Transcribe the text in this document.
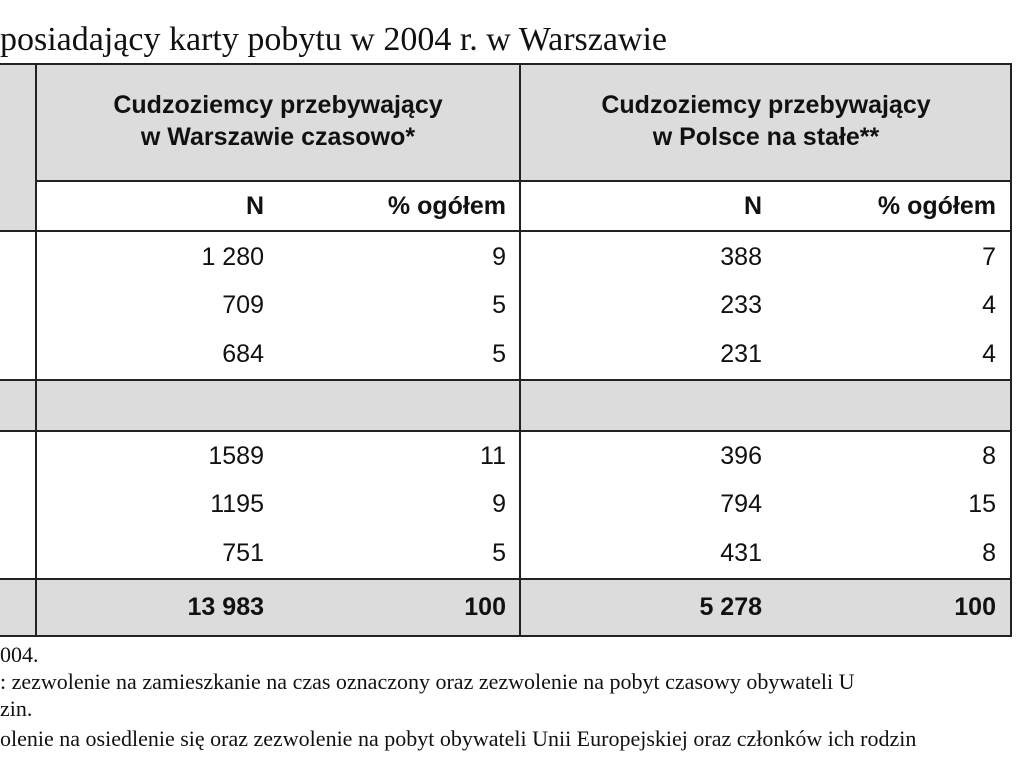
posiadający karty pobytu w 2004 r. w Warszawie
Cudzoziemcy przebywający
w Warszawie czasowo*
Cudzoziemcy przebywający
w Polsce na stałe**
N	% ogółem	N	% ogółem
1 280	9	388	7
709	5	233	4
684	5	231	4
1589	11	396	8
1195	9	794	15
751	5	431	8
13 983	100	5 278	100
004.
: zezwolenie na zamieszkanie na czas oznaczony oraz zezwolenie na pobyt czasowy obywateli U
zin.
olenie na osiedlenie się oraz zezwolenie na pobyt obywateli Unii Europejskiej oraz członków ich rodzin
